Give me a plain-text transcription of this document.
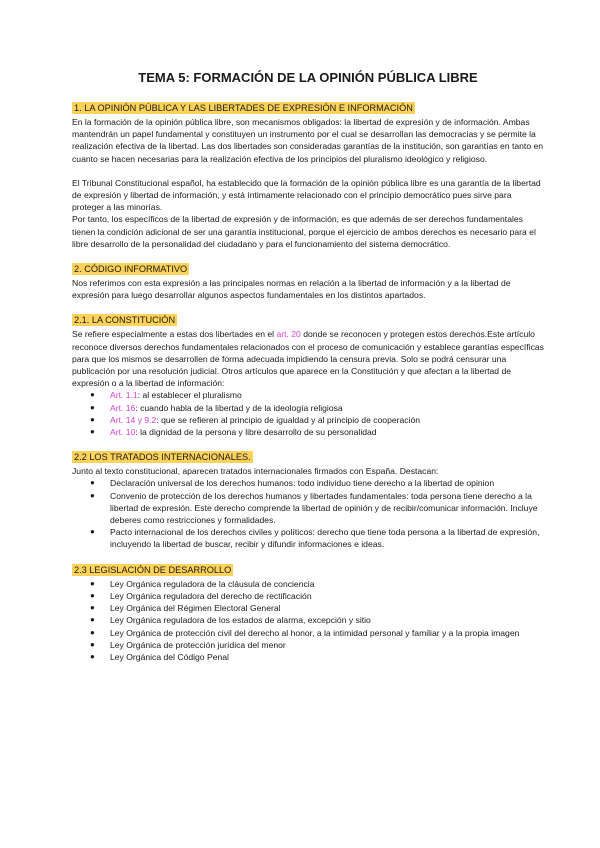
TEMA 5: FORMACIÓN DE LA OPINIÓN PÚBLICA LIBRE
1. LA OPINIÓN PÚBLICA Y LAS LIBERTADES DE EXPRESIÓN E INFORMACIÓN

En la formación de la opinión pública libre, son mecanismos obligados: la libertad de expresión y de información. Ambas mantendrán un papel fundamental y constituyen un instrumento por el cual se desarrollan las democracias y se permite la realización efectiva de la libertad. Las dos libertades son consideradas garantías de la institución, son garantías en tanto en cuanto se hacen necesarias para la realización efectiva de los principios del pluralismo ideológico y religioso.

El Tribunal Constitucional español, ha establecido que la formación de la opinión pública libre es una garantía de la libertad de expresión y libertad de información, y está íntimamente relacionado con el principio democrático pues sirve para proteger a las minorías.

Por tanto, los específicos de la libertad de expresión y de información, es que además de ser derechos fundamentales tienen la condición adicional de ser una garantía institucional, porque el ejercicio de ambos derechos es necesario para el libre desarrollo de la personalidad del ciudadano y para el funcionamiento del sistema democrático.

2. CÓDIGO INFORMATIVO

Nos referimos con esta expresión a las principales normas en relación a la libertad de información y a la libertad de expresión para luego desarrollar algunos aspectos fundamentales en los distintos apartados.

2.1. LA CONSTITUCIÓN

Se refiere especialmente a estas dos libertades en el art. 20 donde se reconocen y protegen estos derechos.Este artículo reconoce diversos derechos fundamentales relacionados con el proceso de comunicación y establece garantías específicas para que los mismos se desarrollen de forma adecuada impidiendo la censura previa. Solo se podrá censurar una publicación por una resolución judicial. Otros artículos que aparece en la Constitución y que afectan a la libertad de expresión o a la libertad de información:

● Art. 1.1: al establecer el pluralismo
● Art. 16: cuando habla de la libertad y de la ideología religiosa
● Art. 14 y 9.2: que se refieren al principio de igualdad y al principio de cooperación
● Art. 10: la dignidad de la persona y libre desarrollo de su personalidad
2.2 LOS TRATADOS INTERNACIONALES.

Junto al texto constitucional, aparecen tratados internacionales firmados con España. Destacan:

● Declaración universal de los derechos humanos: todo individuo tiene derecho a la libertad de opinion
● Convenio de protección de los derechos humanos y libertades fundamentales: toda persona tiene derecho a la libertad de expresión. Este derecho comprende la libertad de opinión y de recibir/comunicar información. Incluye deberes como restricciones y formalidades.
● Pacto internacional de los derechos civiles y políticos: derecho que tiene toda persona a la libertad de expresión, incluyendo la libertad de buscar, recibir y difundir informaciones e ideas.
2.3 LEGISLACIÓN DE DESARROLLO
● Ley Orgánica reguladora de la cláusula de conciencia
● Ley Orgánica reguladora del derecho de rectificación
● Ley Orgánica del Régimen Electoral General
● Ley Orgánica reguladora de los estados de alarma, excepción y sitio
● Ley Orgánica de protección civil del derecho al honor, a la intimidad personal y familiar y a la propia imagen
● Ley Orgánica de protección jurídica del menor
● Ley Orgánica del Código Penal
